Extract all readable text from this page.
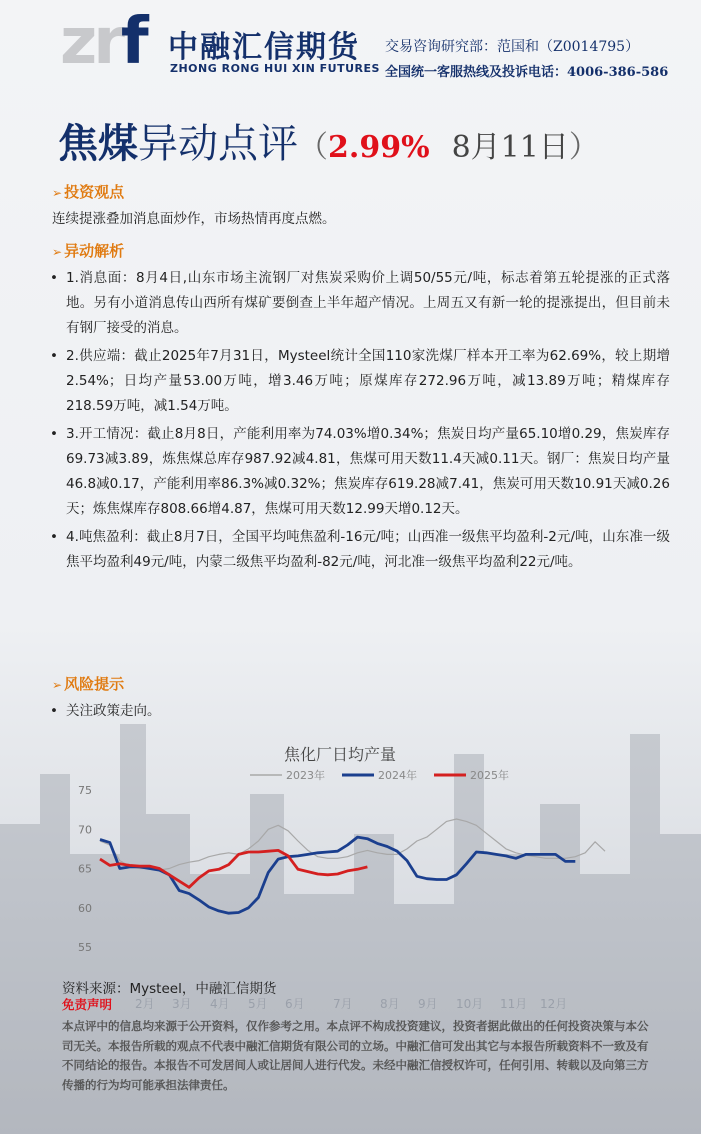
zrf 中融汇信期货
ZHONG RONG HUI XIN FUTURES
交易咨询研究部：范国和（Z0014795）
全国统一客服热线及投诉电话：4006-386-586
焦煤异动点评（2.99% 8月11日）
➢ 投资观点
连续提涨叠加消息面炒作，市场热情再度点燃。
➢ 异动解析
• 1.消息面：8月4日,山东市场主流钢厂对焦炭采购价上调50/55元/吨，标志着第五轮提涨的正式落地。另有小道消息传山西所有煤矿要倒查上半年超产情况。上周五又有新一轮的提涨提出，但目前未有钢厂接受的消息。
• 2.供应端：截止2025年7月31日，Mysteel统计全国110家洗煤厂样本开工率为62.69%，较上期增2.54%；日均产量53.00万吨，增3.46万吨；原煤库存272.96万吨，减13.89万吨；精煤库存218.59万吨，减1.54万吨。
• 3.开工情况：截止8月8日，产能利用率为74.03%增0.34%；焦炭日均产量65.10增0.29，焦炭库存69.73减3.89，炼焦煤总库存987.92减4.81，焦煤可用天数11.4天减0.11天。钢厂：焦炭日均产量46.8减0.17，产能利用率86.3%减0.32%；焦炭库存619.28减7.41，焦炭可用天数10.91天减0.26天；炼焦煤库存808.66增4.87，焦煤可用天数12.99天增0.12天。
• 4.吨焦盈利：截止8月7日，全国平均吨焦盈利-16元/吨；山西准一级焦平均盈利-2元/吨，山东准一级焦平均盈利49元/吨，内蒙二级焦平均盈利-82元/吨，河北准一级焦平均盈利22元/吨。
➢ 风险提示
• 关注政策走向。
焦化厂日均产量
2023年	2024年	2025年
55
60
65
70
75
2月 3月 4月 5月 6月 7月 8月 9月 10月 11月 12月
资料来源：Mysteel，中融汇信期货
免责声明
本点评中的信息均来源于公开资料，仅作参考之用。本点评不构成投资建议，投资者据此做出的任何投资决策与本公司无关。本报告所载的观点不代表中融汇信期货有限公司的立场。中融汇信可发出其它与本报告所载资料不一致及有不同结论的报告。本报告不可发居间人或让居间人进行代发。未经中融汇信授权许可，任何引用、转载以及向第三方传播的行为均可能承担法律责任。
